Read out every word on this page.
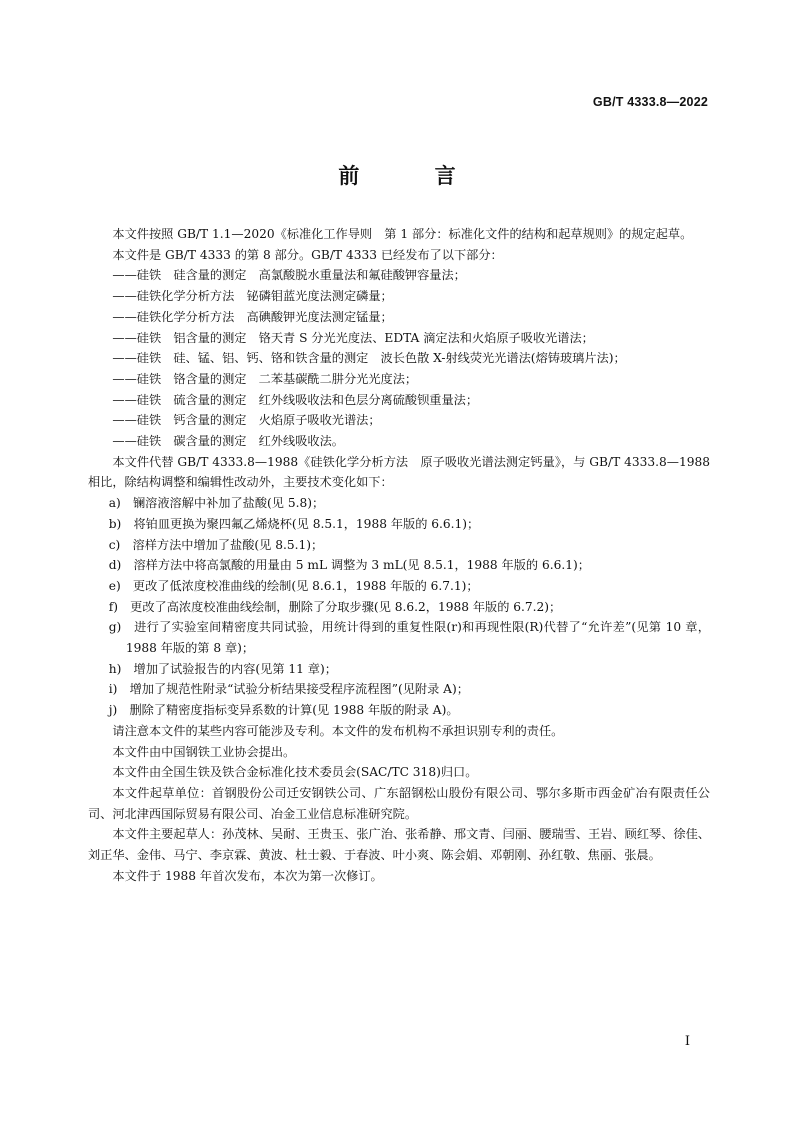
GB/T 4333.8—2022
前 言

本文件按照 GB/T 1.1—2020《标准化工作导则　第 1 部分：标准化文件的结构和起草规则》的规定起草。

本文件是 GB/T 4333 的第 8 部分。GB/T 4333 已经发布了以下部分：

——硅铁　硅含量的测定　高氯酸脱水重量法和氟硅酸钾容量法；

——硅铁化学分析方法　铋磷钼蓝光度法测定磷量；

——硅铁化学分析方法　高碘酸钾光度法测定锰量；

——硅铁　铝含量的测定　铬天青 S 分光光度法、EDTA 滴定法和火焰原子吸收光谱法；

——硅铁　硅、锰、铝、钙、铬和铁含量的测定　波长色散 X-射线荧光光谱法(熔铸玻璃片法)；

——硅铁　铬含量的测定　二苯基碳酰二肼分光光度法；

——硅铁　硫含量的测定　红外线吸收法和色层分离硫酸钡重量法；

——硅铁　钙含量的测定　火焰原子吸收光谱法；

——硅铁　碳含量的测定　红外线吸收法。

本文件代替 GB/T 4333.8—1988《硅铁化学分析方法　原子吸收光谱法测定钙量》，与 GB/T 4333.8—1988 相比，除结构调整和编辑性改动外，主要技术变化如下：

a)　镧溶液溶解中补加了盐酸(见 5.8)；

b)　将铂皿更换为聚四氟乙烯烧杯(见 8.5.1，1988 年版的 6.6.1)；

c)　溶样方法中增加了盐酸(见 8.5.1)；

d)　溶样方法中将高氯酸的用量由 5 mL 调整为 3 mL(见 8.5.1，1988 年版的 6.6.1)；

e)　更改了低浓度校准曲线的绘制(见 8.6.1，1988 年版的 6.7.1)；

f)　更改了高浓度校准曲线绘制，删除了分取步骤(见 8.6.2，1988 年版的 6.7.2)；

g)　进行了实验室间精密度共同试验，用统计得到的重复性限(r)和再现性限(R)代替了“允许差”(见第 10 章，1988 年版的第 8 章)；

h)　增加了试验报告的内容(见第 11 章)；

i)　增加了规范性附录“试验分析结果接受程序流程图”(见附录 A)；

j)　删除了精密度指标变异系数的计算(见 1988 年版的附录 A)。

请注意本文件的某些内容可能涉及专利。本文件的发布机构不承担识别专利的责任。

本文件由中国钢铁工业协会提出。

本文件由全国生铁及铁合金标准化技术委员会(SAC/TC 318)归口。

本文件起草单位：首钢股份公司迁安钢铁公司、广东韶钢松山股份有限公司、鄂尔多斯市西金矿冶有限责任公司、河北津西国际贸易有限公司、冶金工业信息标准研究院。

本文件主要起草人：孙茂林、吴耐、王贵玉、张广治、张希静、邢文青、闫丽、腰瑞雪、王岩、顾红琴、徐佳、刘正华、金伟、马宁、李京霖、黄波、杜士毅、于春波、叶小爽、陈会娟、邓朝刚、孙红敬、焦丽、张晨。

本文件于 1988 年首次发布，本次为第一次修订。

I
